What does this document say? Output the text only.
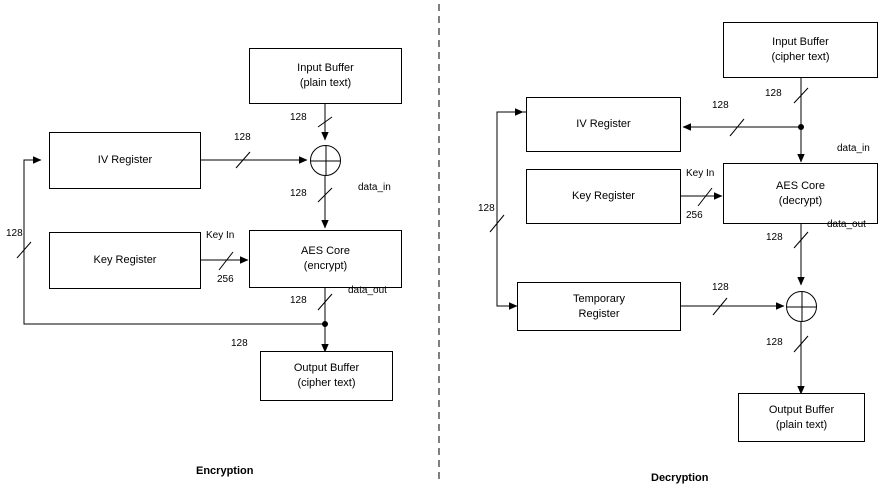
Input Buffer
(plain text)
IV Register
Key Register
AES Core
(encrypt)
Output Buffer
(cipher text)
128
128
128
data_in
Key In
256
128
data_out
128
128
Encryption
Input Buffer
(cipher text)
IV Register
Key Register
AES Core
(decrypt)
Temporary
Register
Output Buffer
(plain text)
128
128
data_in
Key In
256
128
data_out
128
128
128
Decryption
